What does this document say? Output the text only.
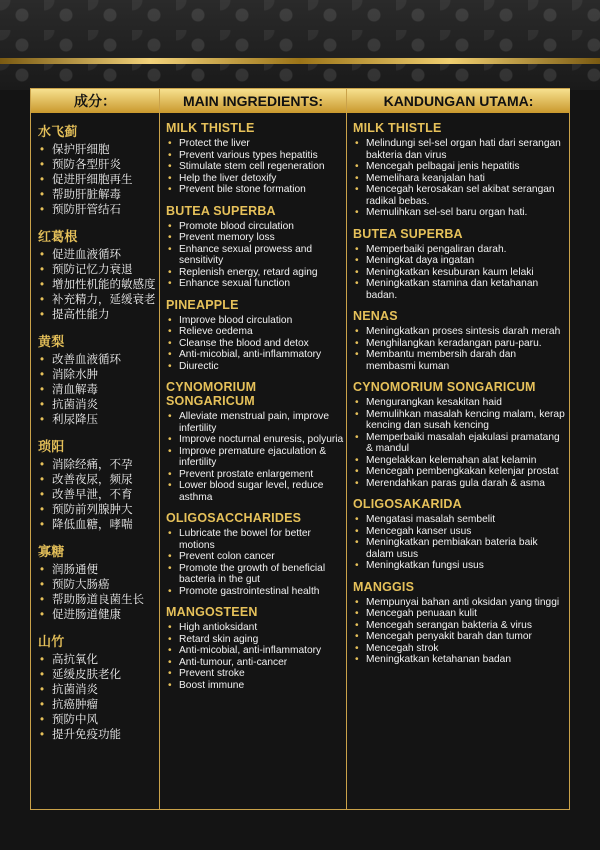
成分：	MAIN INGREDIENTS:	KANDUNGAN UTAMA:
水飞蓟
• 保护肝细胞
• 预防各型肝炎
• 促进肝细胞再生
• 帮助肝脏解毒
• 预防肝管结石
红葛根
• 促进血液循环
• 预防记忆力衰退
• 增加性机能的敏感度
• 补充精力，延缓衰老
• 提高性能力
黄梨
• 改善血液循环
• 消除水肿
• 清血解毒
• 抗菌消炎
• 利尿降压
琐阳
• 消除经痛，不孕
• 改善夜尿，频尿
• 改善早泄，不育
• 预防前列腺肿大
• 降低血糖，哮喘
寡糖
• 润肠通便
• 预防大肠癌
• 帮助肠道良菌生长
• 促进肠道健康
山竹
• 高抗氧化
• 延缓皮肤老化
• 抗菌消炎
• 抗癌肿瘤
• 预防中风
• 提升免疫功能
MILK THISTLE
• Protect the liver
• Prevent various types hepatitis
• Stimulate stem cell regeneration
• Help the liver detoxify
• Prevent bile stone formation
BUTEA SUPERBA
• Promote blood circulation
• Prevent memory loss
• Enhance sexual prowess and sensitivity
• Replenish energy, retard aging
• Enhance sexual function
PINEAPPLE
• Improve blood circulation
• Relieve oedema
• Cleanse the blood and detox
• Anti-micobial, anti-inflammatory
• Diurectic
CYNOMORIUM SONGARICUM
• Alleviate menstrual pain, improve infertility
• Improve nocturnal enuresis, polyuria
• Improve premature ejaculation & infertility
• Prevent prostate enlargement
• Lower blood sugar level, reduce asthma
OLIGOSACCHARIDES
• Lubricate the bowel for better motions
• Prevent colon cancer
• Promote the growth of beneficial bacteria in the gut
• Promote gastrointestinal health
MANGOSTEEN
• High antioksidant
• Retard skin aging
• Anti-micobial, anti-inflammatory
• Anti-tumour, anti-cancer
• Prevent stroke
• Boost immune
MILK THISTLE
• Melindungi sel-sel organ hati dari serangan bakteria dan virus
• Mencegah pelbagai jenis hepatitis
• Memelihara keanjalan hati
• Mencegah kerosakan sel akibat serangan radikal bebas.
• Memulihkan sel-sel baru organ hati.
BUTEA SUPERBA
• Memperbaiki pengaliran darah.
• Meningkat daya ingatan
• Meningkatkan kesuburan kaum lelaki
• Meningkatkan stamina dan ketahanan badan.
NENAS
• Meningkatkan proses sintesis darah merah
• Menghilangkan keradangan paru-paru.
• Membantu membersih darah dan membasmi kuman
CYNOMORIUM SONGARICUM
• Mengurangkan kesakitan haid
• Memulihkan masalah kencing malam, kerap kencing dan susah kencing
• Memperbaiki masalah ejakulasi pramatang & mandul
• Mengelakkan kelemahan alat kelamin
• Mencegah pembengkakan kelenjar prostat
• Merendahkan paras gula darah & asma
OLIGOSAKARIDA
• Mengatasi masalah sembelit
• Mencegah kanser usus
• Meningkatkan pembiakan bateria baik dalam usus
• Meningkatkan fungsi usus
MANGGIS
• Mempunyai bahan anti oksidan yang tinggi
• Mencegah penuaan kulit
• Mencegah serangan bakteria & virus
• Mencegah penyakit barah dan tumor
• Mencegah strok
• Meningkatkan ketahanan badan
